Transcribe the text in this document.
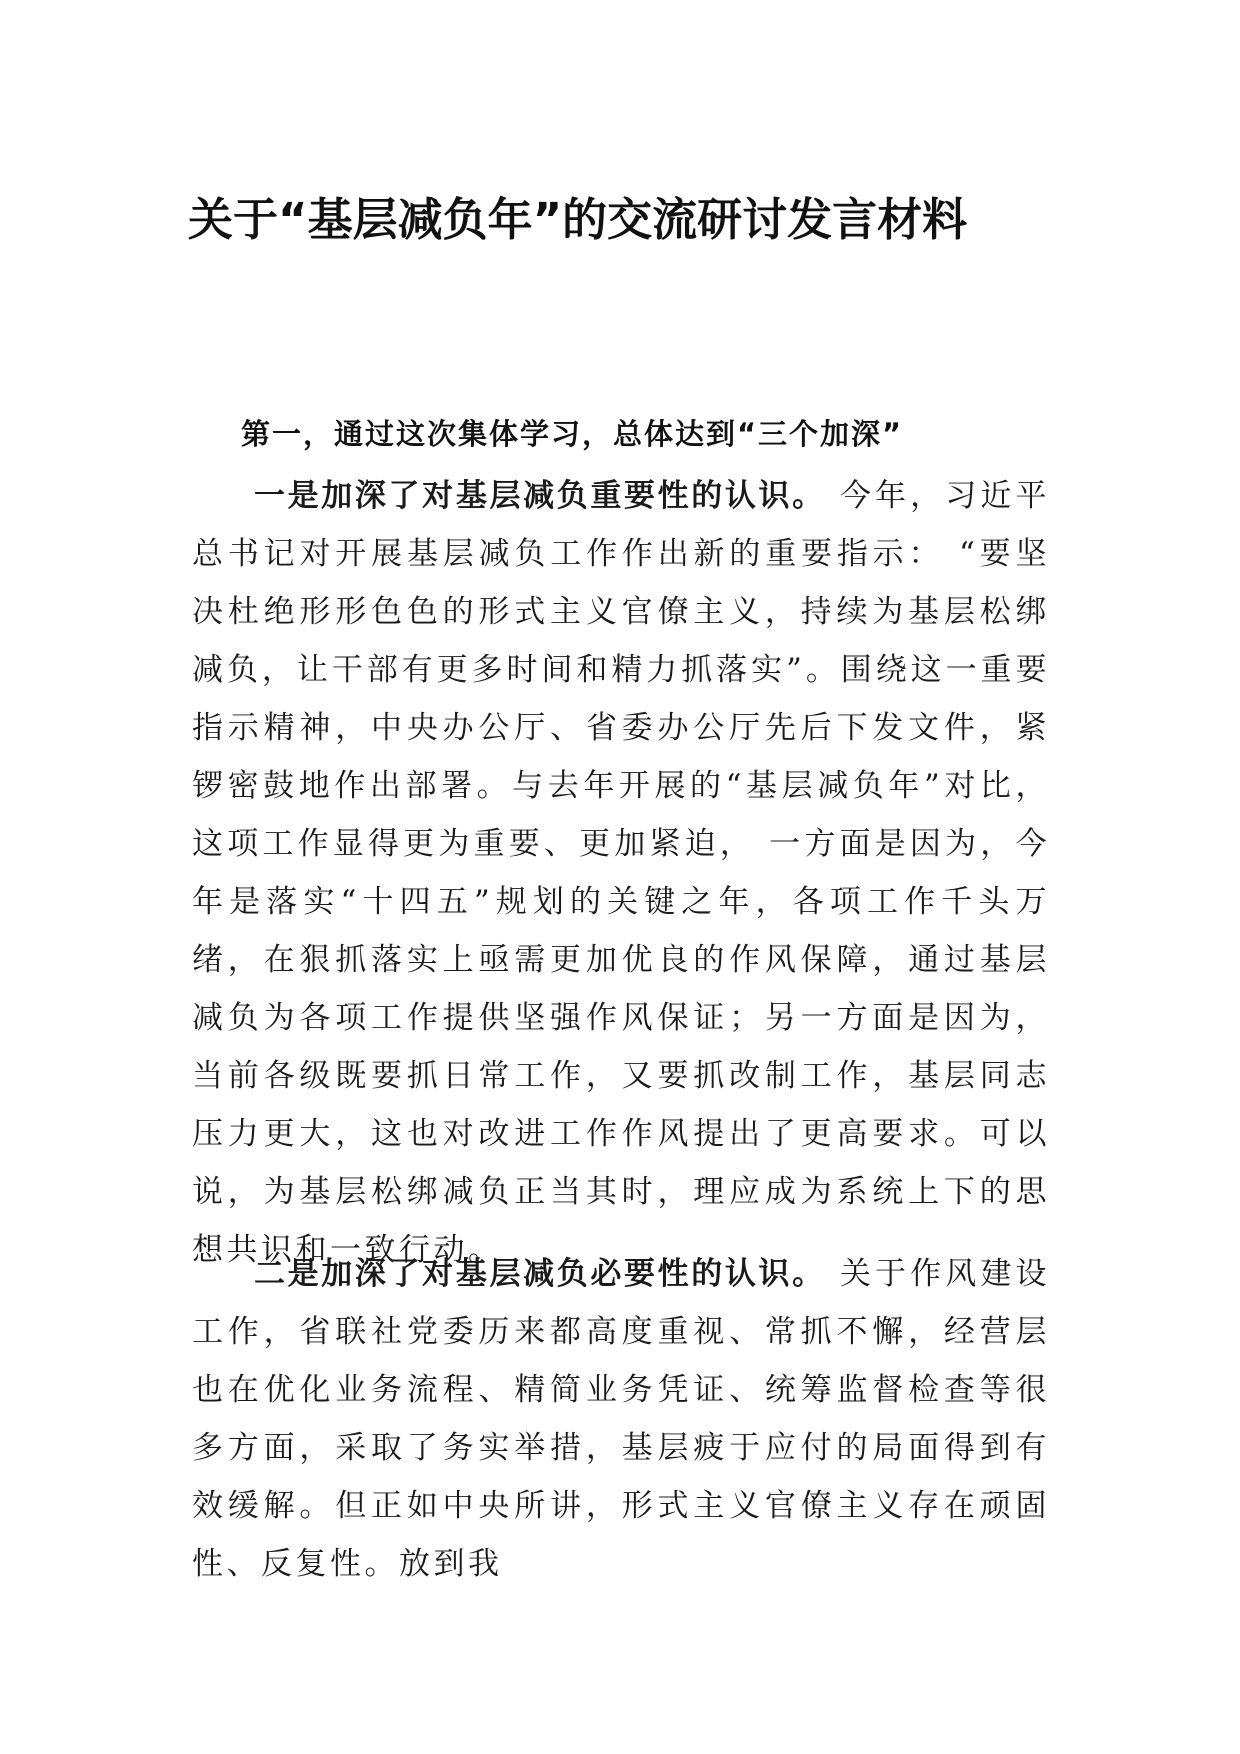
关于“基层减负年”的交流研讨发言材料
第一，通过这次集体学习，总体达到“三个加深”

一是加深了对基层减负重要性的认识。 今年，习近平总书记对开展基层减负工作作出新的重要指示： “要坚决杜绝形形色色的形式主义官僚主义，持续为基层松绑减负，让干部有更多时间和精力抓落实”。围绕这一重要指示精神，中央办公厅、省委办公厅先后下发文件，紧锣密鼓地作出部署。与去年开展的“基层减负年”对比，这项工作显得更为重要、更加紧迫， 一方面是因为，今年是落实“十四五”规划的关键之年，各项工作千头万绪，在狠抓落实上亟需更加优良的作风保障，通过基层减负为各项工作提供坚强作风保证；另一方面是因为，当前各级既要抓日常工作，又要抓改制工作，基层同志压力更大，这也对改进工作作风提出了更高要求。可以说，为基层松绑减负正当其时，理应成为系统上下的思想共识和一致行动。

二是加深了对基层减负必要性的认识。 关于作风建设工作，省联社党委历来都高度重视、常抓不懈，经营层也在优化业务流程、精简业务凭证、统筹监督检查等很多方面，采取了务实举措，基层疲于应付的局面得到有效缓解。但正如中央所讲，形式主义官僚主义存在顽固性、反复性。放到我
